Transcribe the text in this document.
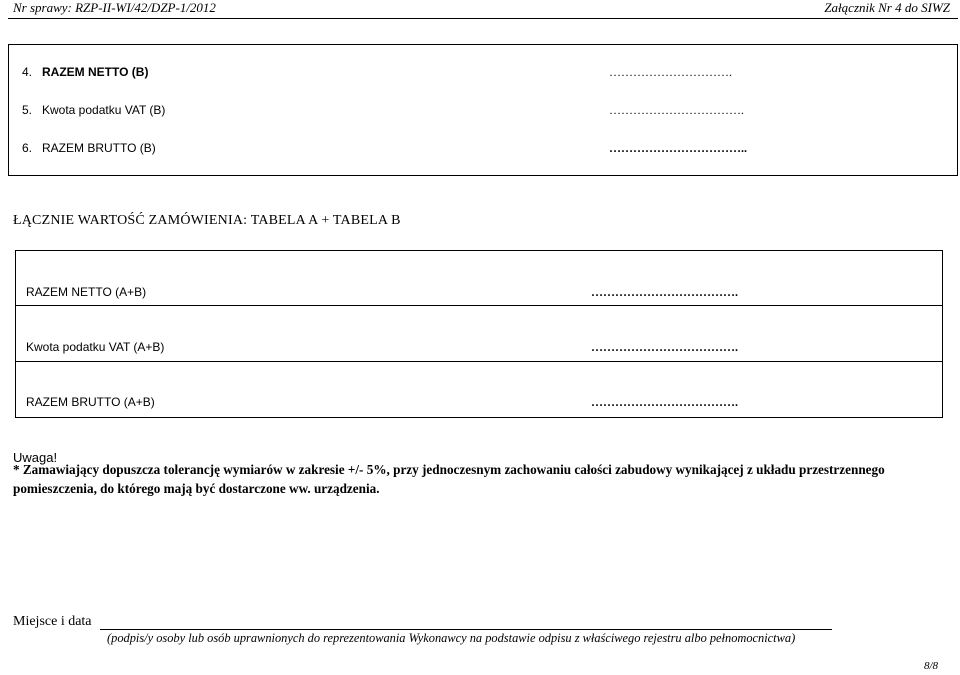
Nr sprawy: RZP-II-WI/42/DZP-1/2012	Załącznik Nr 4 do SIWZ
4. RAZEM NETTO (B)	………………………….
5. Kwota podatku VAT (B)	…………………………….
6. RAZEM BRUTTO (B)	……………………………..
ŁĄCZNIE WARTOŚĆ ZAMÓWIENIA: TABELA A + TABELA B
RAZEM NETTO (A+B)	……………………………….
Kwota podatku VAT (A+B)	……………………………….
RAZEM BRUTTO (A+B)	……………………………….
Uwaga!
* Zamawiający dopuszcza tolerancję wymiarów w zakresie +/- 5%, przy jednoczesnym zachowaniu całości zabudowy wynikającej z układu przestrzennego pomieszczenia, do którego mają być dostarczone ww. urządzenia.
Miejsce i data
(podpis/y osoby lub osób uprawnionych do reprezentowania Wykonawcy na podstawie odpisu z właściwego rejestru albo pełnomocnictwa)
8/8
